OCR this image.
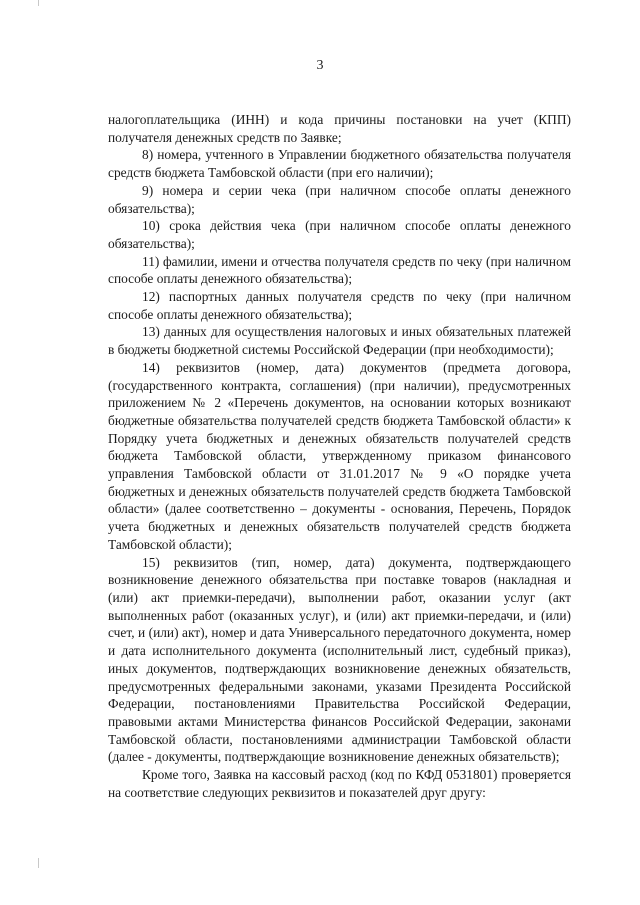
3

налогоплательщика (ИНН) и кода причины постановки на учет (КПП) получателя денежных средств по Заявке;

8) номера, учтенного в Управлении бюджетного обязательства получателя средств бюджета Тамбовской области (при его наличии);

9) номера и серии чека (при наличном способе оплаты денежного обязательства);

10) срока действия чека (при наличном способе оплаты денежного обязательства);

11) фамилии, имени и отчества получателя средств по чеку (при наличном способе оплаты денежного обязательства);

12) паспортных данных получателя средств по чеку (при наличном способе оплаты денежного обязательства);

13) данных для осуществления налоговых и иных обязательных платежей в бюджеты бюджетной системы Российской Федерации (при необходимости);

14) реквизитов (номер, дата) документов (предмета договора, (государственного контракта, соглашения) (при наличии), предусмотренных приложением № 2 «Перечень документов, на основании которых возникают бюджетные обязательства получателей средств бюджета Тамбовской области» к Порядку учета бюджетных и денежных обязательств получателей средств бюджета Тамбовской области, утвержденному приказом финансового управления Тамбовской области от 31.01.2017 № 9 «О порядке учета бюджетных и денежных обязательств получателей средств бюджета Тамбовской области» (далее соответственно – документы - основания, Перечень, Порядок учета бюджетных и денежных обязательств получателей средств бюджета Тамбовской области);

15) реквизитов (тип, номер, дата) документа, подтверждающего возникновение денежного обязательства при поставке товаров (накладная и (или) акт приемки-передачи), выполнении работ, оказании услуг (акт выполненных работ (оказанных услуг), и (или) акт приемки-передачи, и (или) счет, и (или) акт), номер и дата Универсального передаточного документа, номер и дата исполнительного документа (исполнительный лист, судебный приказ), иных документов, подтверждающих возникновение денежных обязательств, предусмотренных федеральными законами, указами Президента Российской Федерации, постановлениями Правительства Российской Федерации, правовыми актами Министерства финансов Российской Федерации, законами Тамбовской области, постановлениями администрации Тамбовской области (далее - документы, подтверждающие возникновение денежных обязательств);

Кроме того, Заявка на кассовый расход (код по КФД 0531801) проверяется на соответствие следующих реквизитов и показателей друг другу:
